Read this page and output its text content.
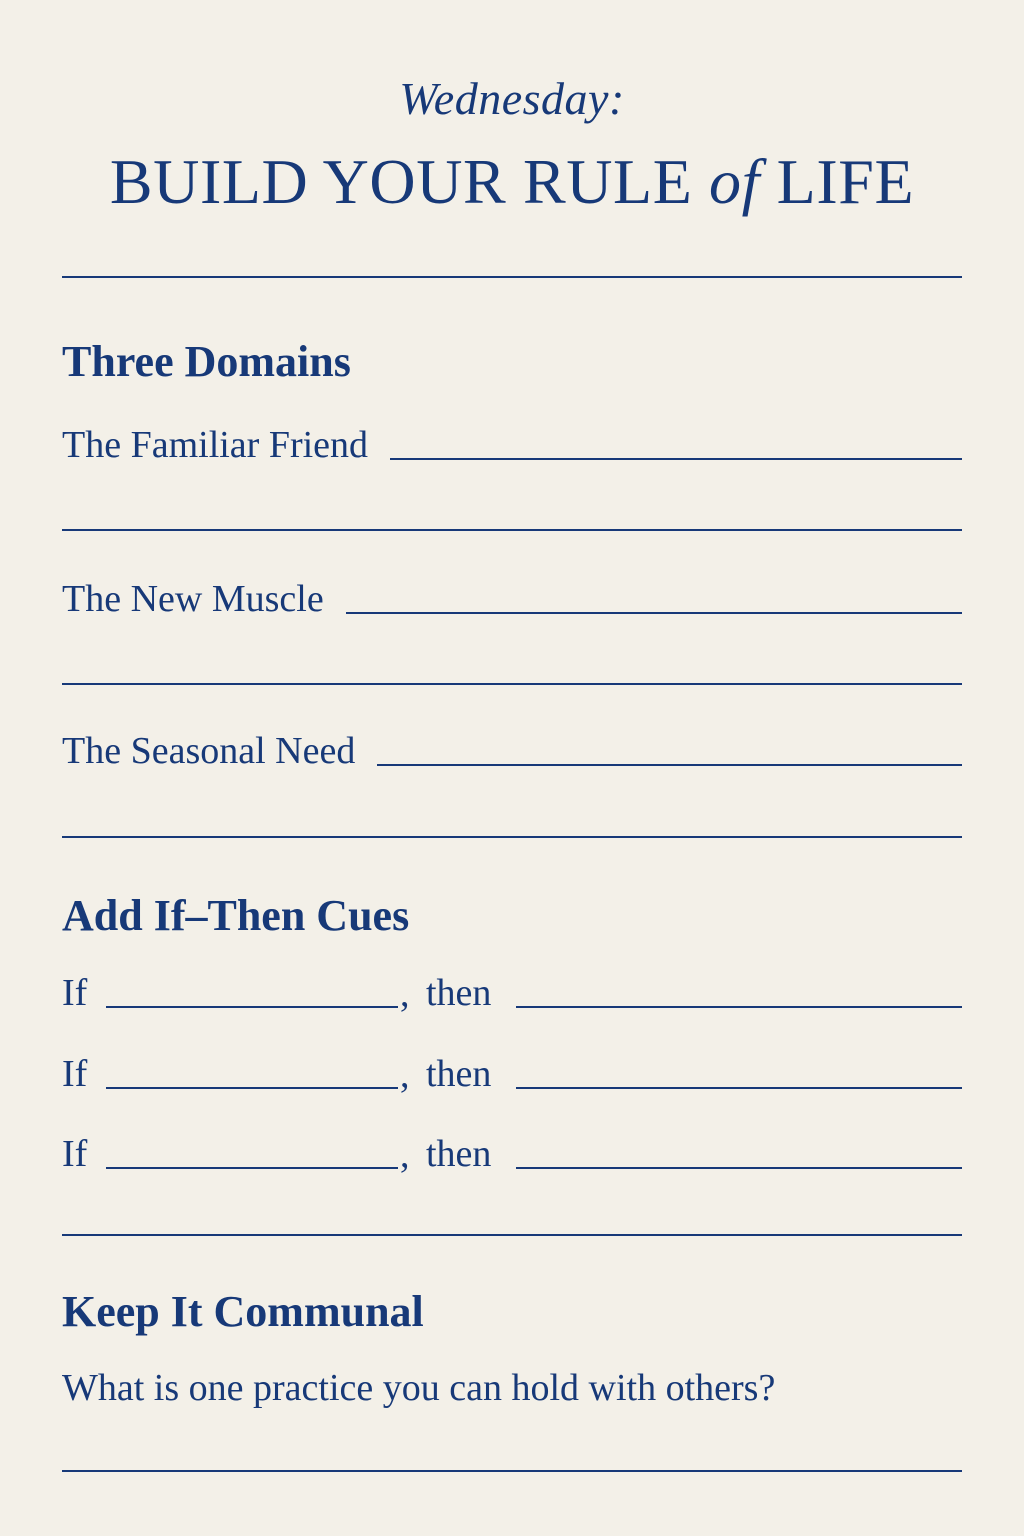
Wednesday:
BUILD YOUR RULE of LIFE
Three Domains
The Familiar Friend
The New Muscle
The Seasonal Need
Add If–Then Cues
If	, then
If	, then
If	, then
Keep It Communal
What is one practice you can hold with others?
